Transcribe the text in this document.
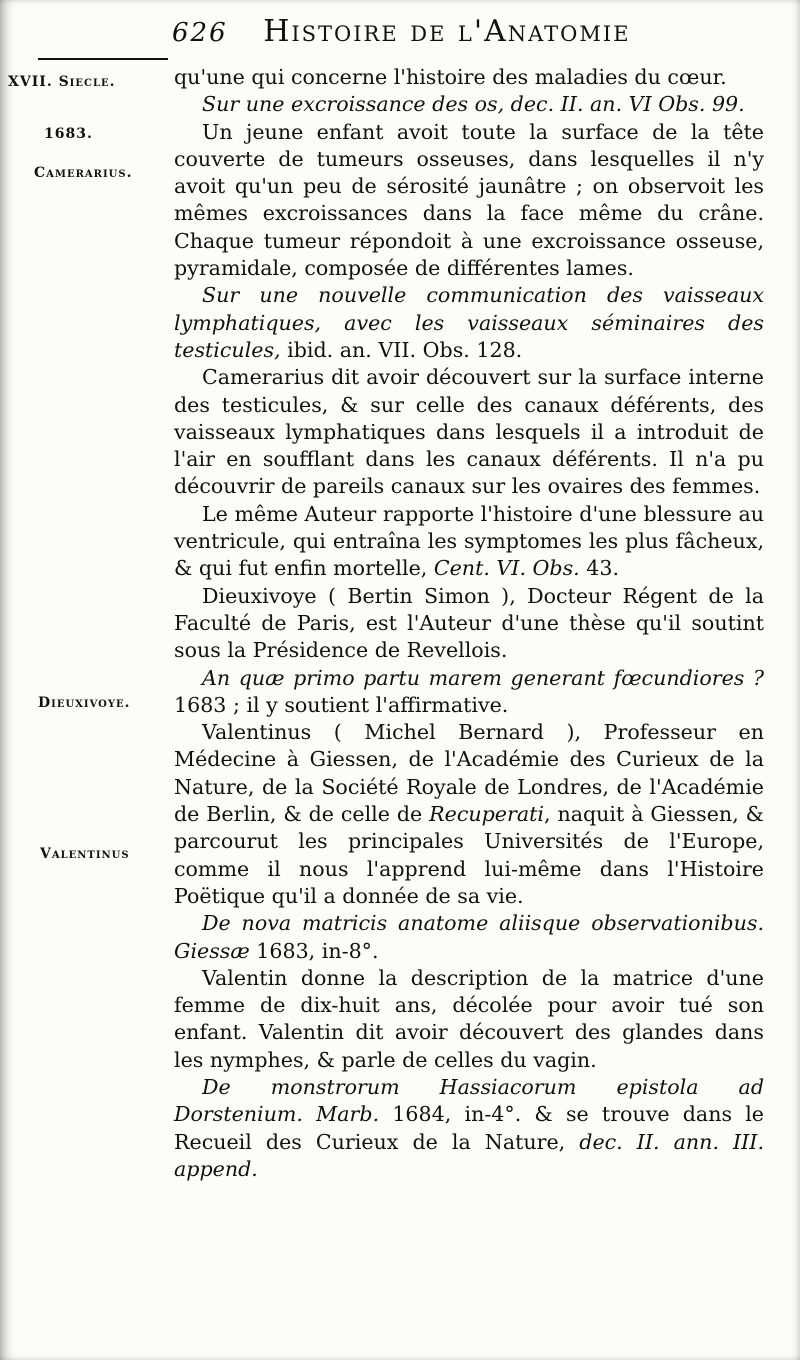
626 Histoire de l'Anatomie
XVII. Siecle.
1683.
Camerarius.
Dieuxivoye.
Valentinus

qu'une qui concerne l'histoire des maladies du cœur.

Sur une excroissance des os, dec. II. an. VI Obs. 99.

Un jeune enfant avoit toute la surface de la tête couverte de tumeurs osseuses, dans lesquelles il n'y avoit qu'un peu de sérosité jaunâtre ; on observoit les mêmes excroissances dans la face même du crâne. Chaque tumeur répondoit à une excroissance osseuse, pyramidale, composée de différentes lames.

Sur une nouvelle communication des vaisseaux lymphatiques, avec les vaisseaux séminaires des testicules, ibid. an. VII. Obs. 128.

Camerarius dit avoir découvert sur la surface interne des testicules, & sur celle des canaux déférents, des vaisseaux lymphatiques dans lesquels il a introduit de l'air en soufflant dans les canaux déférents. Il n'a pu découvrir de pareils canaux sur les ovaires des femmes.

Le même Auteur rapporte l'histoire d'une blessure au ventricule, qui entraîna les symptomes les plus fâcheux, & qui fut enfin mortelle, Cent. VI. Obs. 43.

Dieuxivoye ( Bertin Simon ), Docteur Régent de la Faculté de Paris, est l'Auteur d'une thèse qu'il soutint sous la Présidence de Revellois.

An quæ primo partu marem generant fœcundiores ? 1683 ; il y soutient l'affirmative.

Valentinus ( Michel Bernard ), Professeur en Médecine à Giessen, de l'Académie des Curieux de la Nature, de la Société Royale de Londres, de l'Académie de Berlin, & de celle de Recuperati, naquit à Giessen, & parcourut les principales Universités de l'Europe, comme il nous l'apprend lui-même dans l'Histoire Poëtique qu'il a donnée de sa vie.

De nova matricis anatome aliisque observationibus. Giessæ 1683, in-8°.

Valentin donne la description de la matrice d'une femme de dix-huit ans, décolée pour avoir tué son enfant. Valentin dit avoir découvert des glandes dans les nymphes, & parle de celles du vagin.

De monstrorum Hassiacorum epistola ad Dorstenium. Marb. 1684, in-4°. & se trouve dans le Recueil des Curieux de la Nature, dec. II. ann. III. append.
